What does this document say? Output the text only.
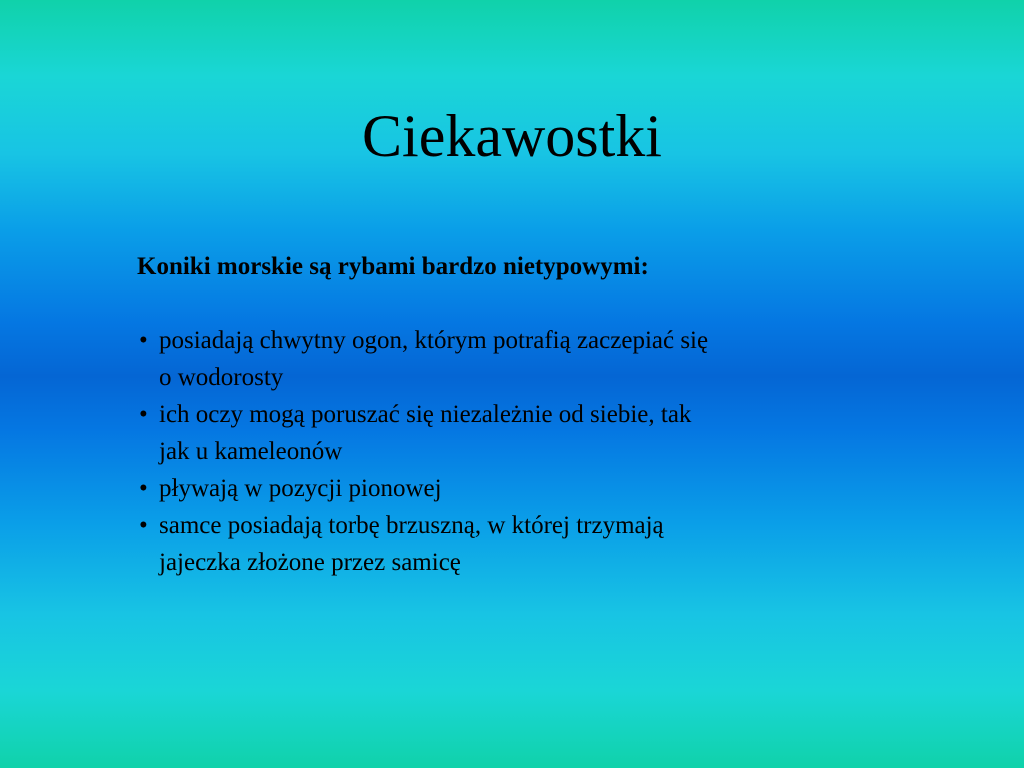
Ciekawostki

Koniki morskie są rybami bardzo nietypowymi:

• posiadają chwytny ogon, którym potrafią zaczepiać się
o wodorosty
• ich oczy mogą poruszać się niezależnie od siebie, tak
jak u kameleonów
• pływają w pozycji pionowej
• samce posiadają torbę brzuszną, w której trzymają
jajeczka złożone przez samicę
